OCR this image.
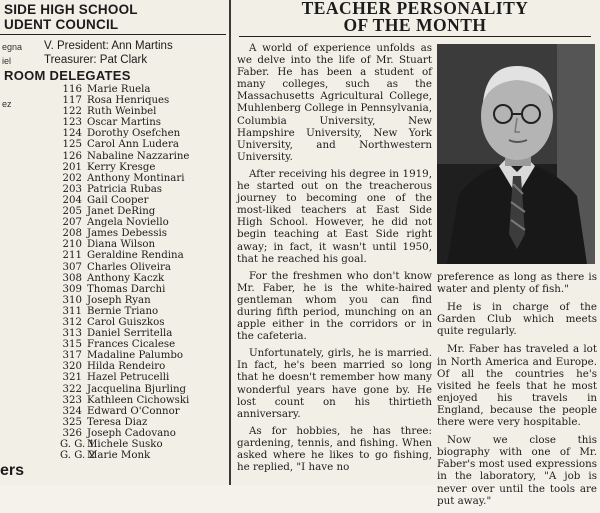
SIDE HIGH SCHOOL
UDENT COUNCIL
egna V. President: Ann Martins
iel	Treasurer: Pat Clark
ROOM DELEGATES
ez
116 Marie Ruela
117 Rosa Henriques
122 Ruth Weinbel
123 Oscar Martins
124 Dorothy Osefchen
125 Carol Ann Ludera
126 Nabaline Nazzarine
201 Kerry Kresge
202 Anthony Montinari
203 Patricia Rubas
204 Gail Cooper
205 Janet DeRing
207 Angela Noviello
208 James Debessis
210 Diana Wilson
211 Geraldine Rendina
307 Charles Oliveira
308 Anthony Kaczk
309 Thomas Darchi
310 Joseph Ryan
311 Bernie Triano
312 Carol Guiszkos
313 Daniel Serritella
315 Frances Cicalese
317 Madaline Palumbo
320 Hilda Rendeiro
321 Hazel Petrucelli
322 Jacquelina Bjurling
323 Kathleen Cichowski
324 Edward O'Connor
325 Teresa Diaz
326 Joseph Cadovano
G. G. 1Michele Susko
G. G. 2Marie Monk
ers
TEACHER PERSONALITY
OF THE MONTH

A world of experience unfolds as we delve into the life of Mr. Stuart Faber. He has been a student of many colleges, such as the Massachusetts Agricultural College, Muhlenberg College in Pennsylvania, Columbia University, New Hampshire University, New York University, and Northwestern University.

After receiving his degree in 1919, he started out on the treacherous journey to becoming one of the most-liked teachers at East Side High School. However, he did not begin teaching at East Side right away; in fact, it wasn't until 1950, that he reached his goal.

For the freshmen who don't know Mr. Faber, he is the white-haired gentleman whom you can find during fifth period, munching on an apple either in the corridors or in the cafeteria.

Unfortunately, girls, he is married. In fact, he's been married so long that he doesn't remember how many wonderful years have gone by. He lost count on his thirtieth anniversary.

As for hobbies, he has three: gardening, tennis, and fishing. When asked where he likes to go fishing, he replied, "I have no

preference as long as there is water and plenty of fish."

He is in charge of the Garden Club which meets quite regularly.

Mr. Faber has traveled a lot in North America and Europe. Of all the countries he's visited he feels that he most enjoyed his travels in England, because the people there were very hospitable.

Now we close this biography with one of Mr. Faber's most used expressions in the laboratory, "A job is never over until the tools are put away."
